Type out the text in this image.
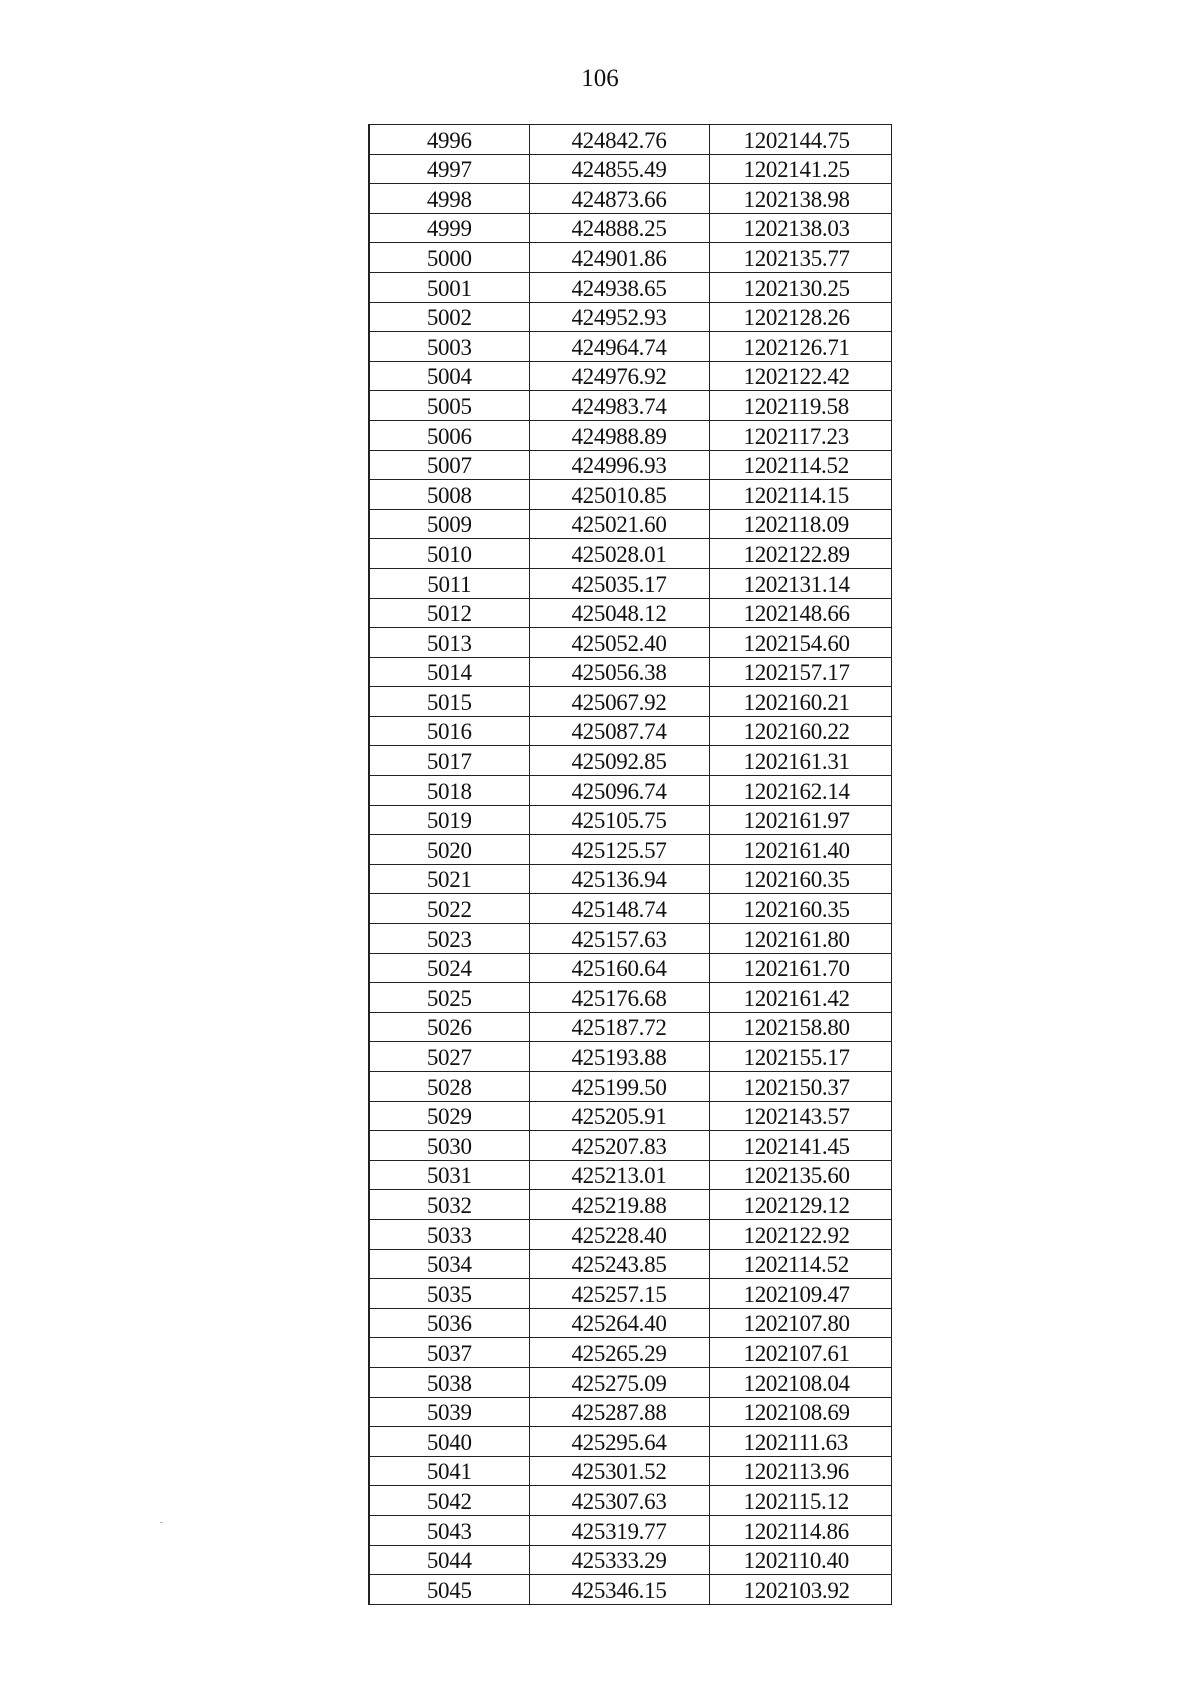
106
4996	424842.76	1202144.75
4997	424855.49	1202141.25
4998	424873.66	1202138.98
4999	424888.25	1202138.03
5000	424901.86	1202135.77
5001	424938.65	1202130.25
5002	424952.93	1202128.26
5003	424964.74	1202126.71
5004	424976.92	1202122.42
5005	424983.74	1202119.58
5006	424988.89	1202117.23
5007	424996.93	1202114.52
5008	425010.85	1202114.15
5009	425021.60	1202118.09
5010	425028.01	1202122.89
5011	425035.17	1202131.14
5012	425048.12	1202148.66
5013	425052.40	1202154.60
5014	425056.38	1202157.17
5015	425067.92	1202160.21
5016	425087.74	1202160.22
5017	425092.85	1202161.31
5018	425096.74	1202162.14
5019	425105.75	1202161.97
5020	425125.57	1202161.40
5021	425136.94	1202160.35
5022	425148.74	1202160.35
5023	425157.63	1202161.80
5024	425160.64	1202161.70
5025	425176.68	1202161.42
5026	425187.72	1202158.80
5027	425193.88	1202155.17
5028	425199.50	1202150.37
5029	425205.91	1202143.57
5030	425207.83	1202141.45
5031	425213.01	1202135.60
5032	425219.88	1202129.12
5033	425228.40	1202122.92
5034	425243.85	1202114.52
5035	425257.15	1202109.47
5036	425264.40	1202107.80
5037	425265.29	1202107.61
5038	425275.09	1202108.04
5039	425287.88	1202108.69
5040	425295.64	1202111.63
5041	425301.52	1202113.96
5042	425307.63	1202115.12
5043	425319.77	1202114.86
5044	425333.29	1202110.40
5045	425346.15	1202103.92
